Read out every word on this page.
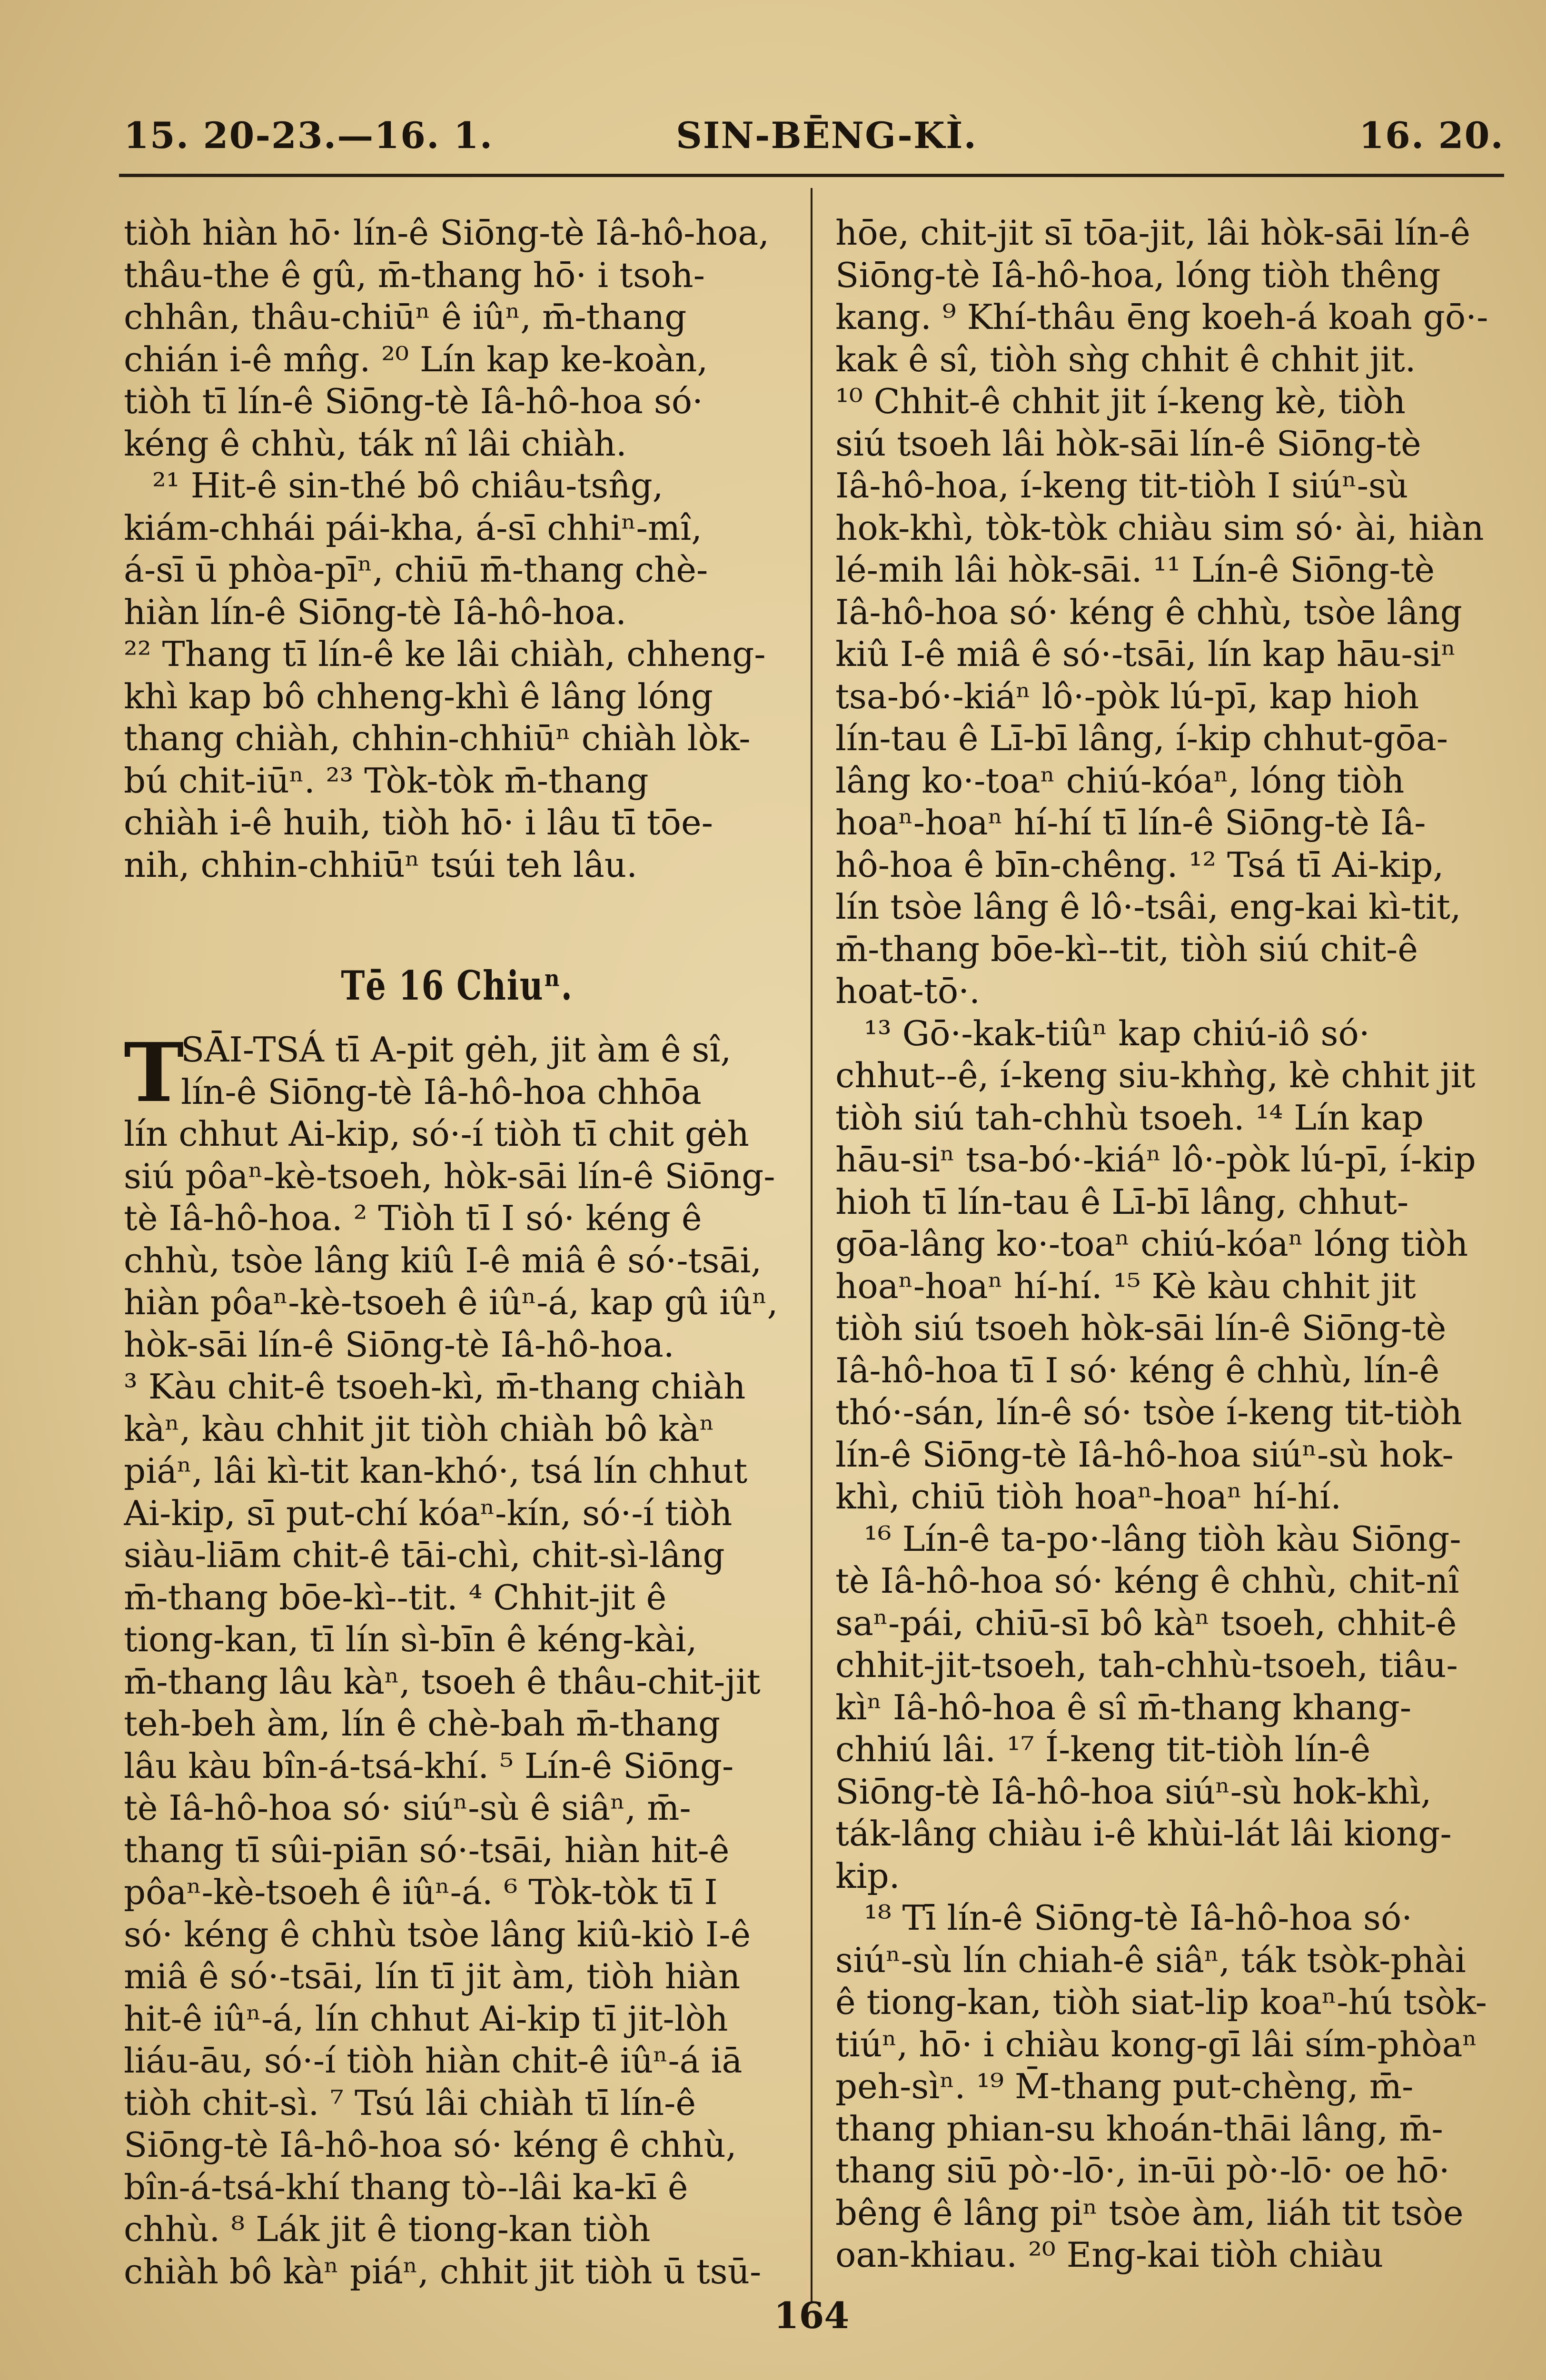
15. 20-23.—16. 1.	SIN-BĒNG-KÌ.	16. 20.
tiòh hiàn hō· lín-ê Siōng-tè Iâ-hô-hoa,
thâu-the ê gû, m̄-thang hō· i tsoh-
chhân, thâu-chiūⁿ ê iûⁿ, m̄-thang
chián i-ê mn̂g. ²⁰ Lín kap ke-koàn,
tiòh tī lín-ê Siōng-tè Iâ-hô-hoa só·
kéng ê chhù, ták nî lâi chiàh.
²¹ Hit-ê sin-thé bô chiâu-tsn̂g,
kiám-chhái pái-kha, á-sī chhiⁿ-mî,
á-sī ū phòa-pīⁿ, chiū m̄-thang chè-
hiàn lín-ê Siōng-tè Iâ-hô-hoa.
²² Thang tī lín-ê ke lâi chiàh, chheng-
khì kap bô chheng-khì ê lâng lóng
thang chiàh, chhin-chhiūⁿ chiàh lòk-
bú chit-iūⁿ. ²³ Tòk-tòk m̄-thang
chiàh i-ê huih, tiòh hō· i lâu tī tōe-
nih, chhin-chhiūⁿ tsúi teh lâu.
Tē 16 Chiuⁿ.
T
SĀI-TSÁ tī A-pit gėh, jit àm ê sî,
lín-ê Siōng-tè Iâ-hô-hoa chhōa
lín chhut Ai-kip, só·-í tiòh tī chit gėh
siú pôaⁿ-kè-tsoeh, hòk-sāi lín-ê Siōng-
tè Iâ-hô-hoa. ² Tiòh tī I só· kéng ê
chhù, tsòe lâng kiû I-ê miâ ê só·-tsāi,
hiàn pôaⁿ-kè-tsoeh ê iûⁿ-á, kap gû iûⁿ,
hòk-sāi lín-ê Siōng-tè Iâ-hô-hoa.
³ Kàu chit-ê tsoeh-kì, m̄-thang chiàh
kàⁿ, kàu chhit jit tiòh chiàh bô kàⁿ
piáⁿ, lâi kì-tit kan-khó·, tsá lín chhut
Ai-kip, sī put-chí kóaⁿ-kín, só·-í tiòh
siàu-liām chit-ê tāi-chì, chit-sì-lâng
m̄-thang bōe-kì--tit. ⁴ Chhit-jit ê
tiong-kan, tī lín sì-bīn ê kéng-kài,
m̄-thang lâu kàⁿ, tsoeh ê thâu-chit-jit
teh-beh àm, lín ê chè-bah m̄-thang
lâu kàu bîn-á-tsá-khí. ⁵ Lín-ê Siōng-
tè Iâ-hô-hoa só· siúⁿ-sù ê siâⁿ, m̄-
thang tī sûi-piān só·-tsāi, hiàn hit-ê
pôaⁿ-kè-tsoeh ê iûⁿ-á. ⁶ Tòk-tòk tī I
só· kéng ê chhù tsòe lâng kiû-kiò I-ê
miâ ê só·-tsāi, lín tī jit àm, tiòh hiàn
hit-ê iûⁿ-á, lín chhut Ai-kip tī jit-lòh
liáu-āu, só·-í tiòh hiàn chit-ê iûⁿ-á iā
tiòh chit-sì. ⁷ Tsú lâi chiàh tī lín-ê
Siōng-tè Iâ-hô-hoa só· kéng ê chhù,
bîn-á-tsá-khí thang tò--lâi ka-kī ê
chhù. ⁸ Lák jit ê tiong-kan tiòh
chiàh bô kàⁿ piáⁿ, chhit jit tiòh ū tsū-
hōe, chit-jit sī tōa-jit, lâi hòk-sāi lín-ê
Siōng-tè Iâ-hô-hoa, lóng tiòh thêng
kang. ⁹ Khí-thâu ēng koeh-á koah gō·-
kak ê sî, tiòh sǹg chhit ê chhit jit.
¹⁰ Chhit-ê chhit jit í-keng kè, tiòh
siú tsoeh lâi hòk-sāi lín-ê Siōng-tè
Iâ-hô-hoa, í-keng tit-tiòh I siúⁿ-sù
hok-khì, tòk-tòk chiàu sim só· ài, hiàn
lé-mih lâi hòk-sāi. ¹¹ Lín-ê Siōng-tè
Iâ-hô-hoa só· kéng ê chhù, tsòe lâng
kiû I-ê miâ ê só·-tsāi, lín kap hāu-siⁿ
tsa-bó·-kiáⁿ lô·-pòk lú-pī, kap hioh
lín-tau ê Lī-bī lâng, í-kip chhut-gōa-
lâng ko·-toaⁿ chiú-kóaⁿ, lóng tiòh
hoaⁿ-hoaⁿ hí-hí tī lín-ê Siōng-tè Iâ-
hô-hoa ê bīn-chêng. ¹² Tsá tī Ai-kip,
lín tsòe lâng ê lô·-tsâi, eng-kai kì-tit,
m̄-thang bōe-kì--tit, tiòh siú chit-ê
hoat-tō·.
¹³ Gō·-kak-tiûⁿ kap chiú-iô só·
chhut--ê, í-keng siu-khǹg, kè chhit jit
tiòh siú tah-chhù tsoeh. ¹⁴ Lín kap
hāu-siⁿ tsa-bó·-kiáⁿ lô·-pòk lú-pī, í-kip
hioh tī lín-tau ê Lī-bī lâng, chhut-
gōa-lâng ko·-toaⁿ chiú-kóaⁿ lóng tiòh
hoaⁿ-hoaⁿ hí-hí. ¹⁵ Kè kàu chhit jit
tiòh siú tsoeh hòk-sāi lín-ê Siōng-tè
Iâ-hô-hoa tī I só· kéng ê chhù, lín-ê
thó·-sán, lín-ê só· tsòe í-keng tit-tiòh
lín-ê Siōng-tè Iâ-hô-hoa siúⁿ-sù hok-
khì, chiū tiòh hoaⁿ-hoaⁿ hí-hí.
¹⁶ Lín-ê ta-po·-lâng tiòh kàu Siōng-
tè Iâ-hô-hoa só· kéng ê chhù, chit-nî
saⁿ-pái, chiū-sī bô kàⁿ tsoeh, chhit-ê
chhit-jit-tsoeh, tah-chhù-tsoeh, tiâu-
kìⁿ Iâ-hô-hoa ê sî m̄-thang khang-
chhiú lâi. ¹⁷ Í-keng tit-tiòh lín-ê
Siōng-tè Iâ-hô-hoa siúⁿ-sù hok-khì,
ták-lâng chiàu i-ê khùi-lát lâi kiong-
kip.
¹⁸ Tī lín-ê Siōng-tè Iâ-hô-hoa só·
siúⁿ-sù lín chiah-ê siâⁿ, ták tsòk-phài
ê tiong-kan, tiòh siat-lip koaⁿ-hú tsòk-
tiúⁿ, hō· i chiàu kong-gī lâi sím-phòaⁿ
peh-sìⁿ. ¹⁹ M̄-thang put-chèng, m̄-
thang phian-su khoán-thāi lâng, m̄-
thang siū pò·-lō·, in-ūi pò·-lō· oe hō·
bêng ê lâng piⁿ tsòe àm, liáh tit tsòe
oan-khiau. ²⁰ Eng-kai tiòh chiàu
164
